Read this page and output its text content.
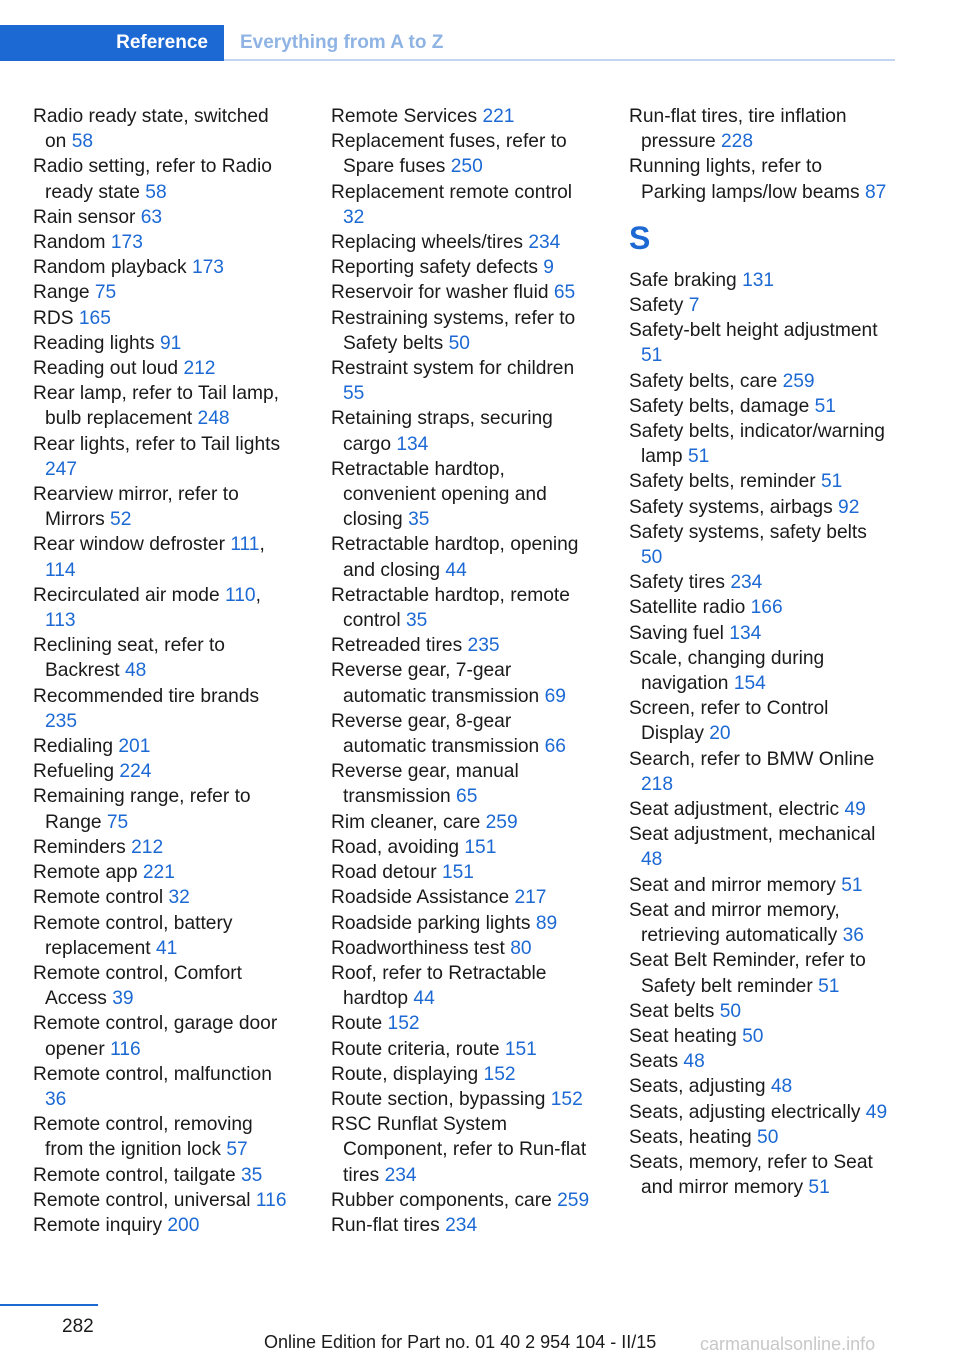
Reference	Everything from A to Z
Radio ready state, switched on 58
Radio setting, refer to Radio ready state 58
Rain sensor 63
Random 173
Random playback 173
Range 75
RDS 165
Reading lights 91
Reading out loud 212
Rear lamp, refer to Tail lamp, bulb replacement 248
Rear lights, refer to Tail lights 247
Rearview mirror, refer to Mirrors 52
Rear window defroster 111, 114
Recirculated air mode 110, 113
Reclining seat, refer to Backrest 48
Recommended tire brands 235
Redialing 201
Refueling 224
Remaining range, refer to Range 75
Reminders 212
Remote app 221
Remote control 32
Remote control, battery replacement 41
Remote control, Comfort Access 39
Remote control, garage door opener 116
Remote control, malfunction 36
Remote control, removing from the ignition lock 57
Remote control, tailgate 35
Remote control, universal 116
Remote inquiry 200
Remote Services 221
Replacement fuses, refer to Spare fuses 250
Replacement remote control 32
Replacing wheels/tires 234
Reporting safety defects 9
Reservoir for washer fluid 65
Restraining systems, refer to Safety belts 50
Restraint system for children 55
Retaining straps, securing cargo 134
Retractable hardtop, convenient opening and closing 35
Retractable hardtop, opening and closing 44
Retractable hardtop, remote control 35
Retreaded tires 235
Reverse gear, 7-gear automatic transmission 69
Reverse gear, 8-gear automatic transmission 66
Reverse gear, manual transmission 65
Rim cleaner, care 259
Road, avoiding 151
Road detour 151
Roadside Assistance 217
Roadside parking lights 89
Roadworthiness test 80
Roof, refer to Retractable hardtop 44
Route 152
Route criteria, route 151
Route, displaying 152
Route section, bypassing 152
RSC Runflat System Component, refer to Run-flat tires 234
Rubber components, care 259
Run-flat tires 234
Run-flat tires, tire inflation pressure 228
Running lights, refer to Parking lamps/low beams 87
S
Safe braking 131
Safety 7
Safety-belt height adjustment 51
Safety belts, care 259
Safety belts, damage 51
Safety belts, indicator/warning lamp 51
Safety belts, reminder 51
Safety systems, airbags 92
Safety systems, safety belts 50
Safety tires 234
Satellite radio 166
Saving fuel 134
Scale, changing during navigation 154
Screen, refer to Control Display 20
Search, refer to BMW Online 218
Seat adjustment, electric 49
Seat adjustment, mechanical 48
Seat and mirror memory 51
Seat and mirror memory, retrieving automatically 36
Seat Belt Reminder, refer to Safety belt reminder 51
Seat belts 50
Seat heating 50
Seats 48
Seats, adjusting 48
Seats, adjusting electrically 49
Seats, heating 50
Seats, memory, refer to Seat and mirror memory 51
282
Online Edition for Part no. 01 40 2 954 104 - II/15 carmanualsonline.info
